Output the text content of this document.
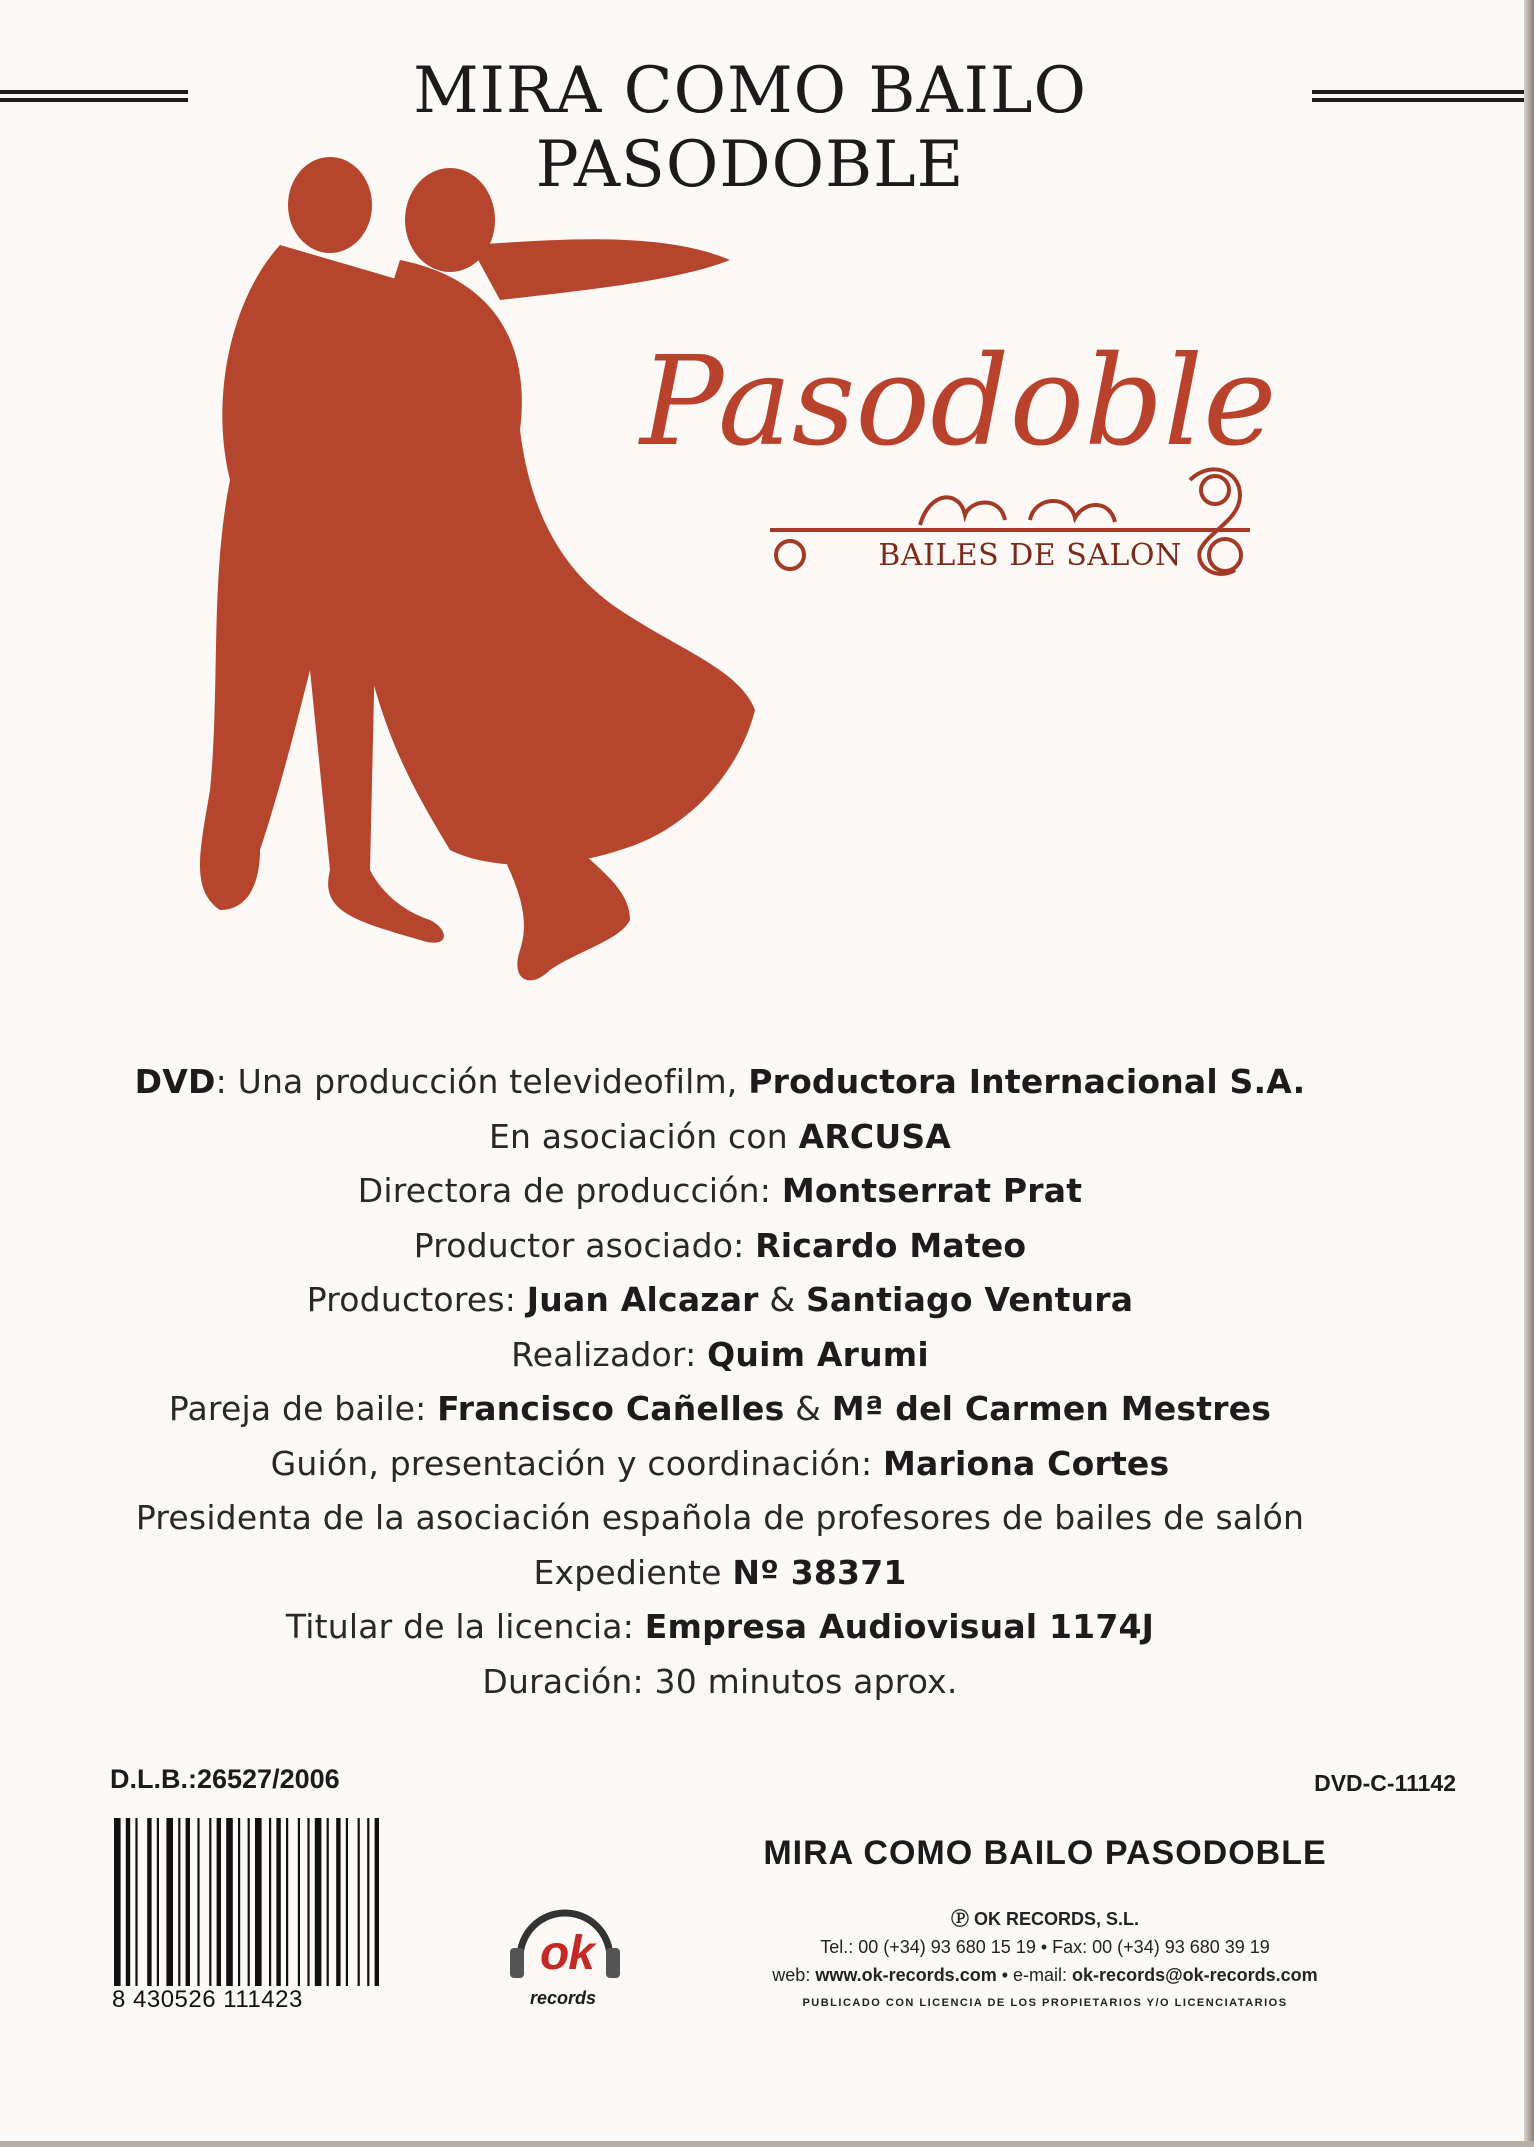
MIRA COMO BAILO PASODOBLE
Pasodoble
BAILES DE SALON
DVD: Una producción televideofilm, Productora Internacional S.A.
En asociación con ARCUSA
Directora de producción: Montserrat Prat
Productor asociado: Ricardo Mateo
Productores: Juan Alcazar & Santiago Ventura
Realizador: Quim Arumi
Pareja de baile: Francisco Cañelles & Mª del Carmen Mestres
Guión, presentación y coordinación: Mariona Cortes
Presidenta de la asociación española de profesores de bailes de salón
Expediente Nº 38371
Titular de la licencia: Empresa Audiovisual 1174J
Duración: 30 minutos aprox.
D.L.B.:26527/2006	DVD-C-11142
8 430526 111423
ok
records
MIRA COMO BAILO PASODOBLE
Ⓟ OK RECORDS, S.L.
Tel.: 00 (+34) 93 680 15 19 • Fax: 00 (+34) 93 680 39 19
web: www.ok-records.com • e-mail: ok-records@ok-records.com
PUBLICADO CON LICENCIA DE LOS PROPIETARIOS Y/O LICENCIATARIOS
